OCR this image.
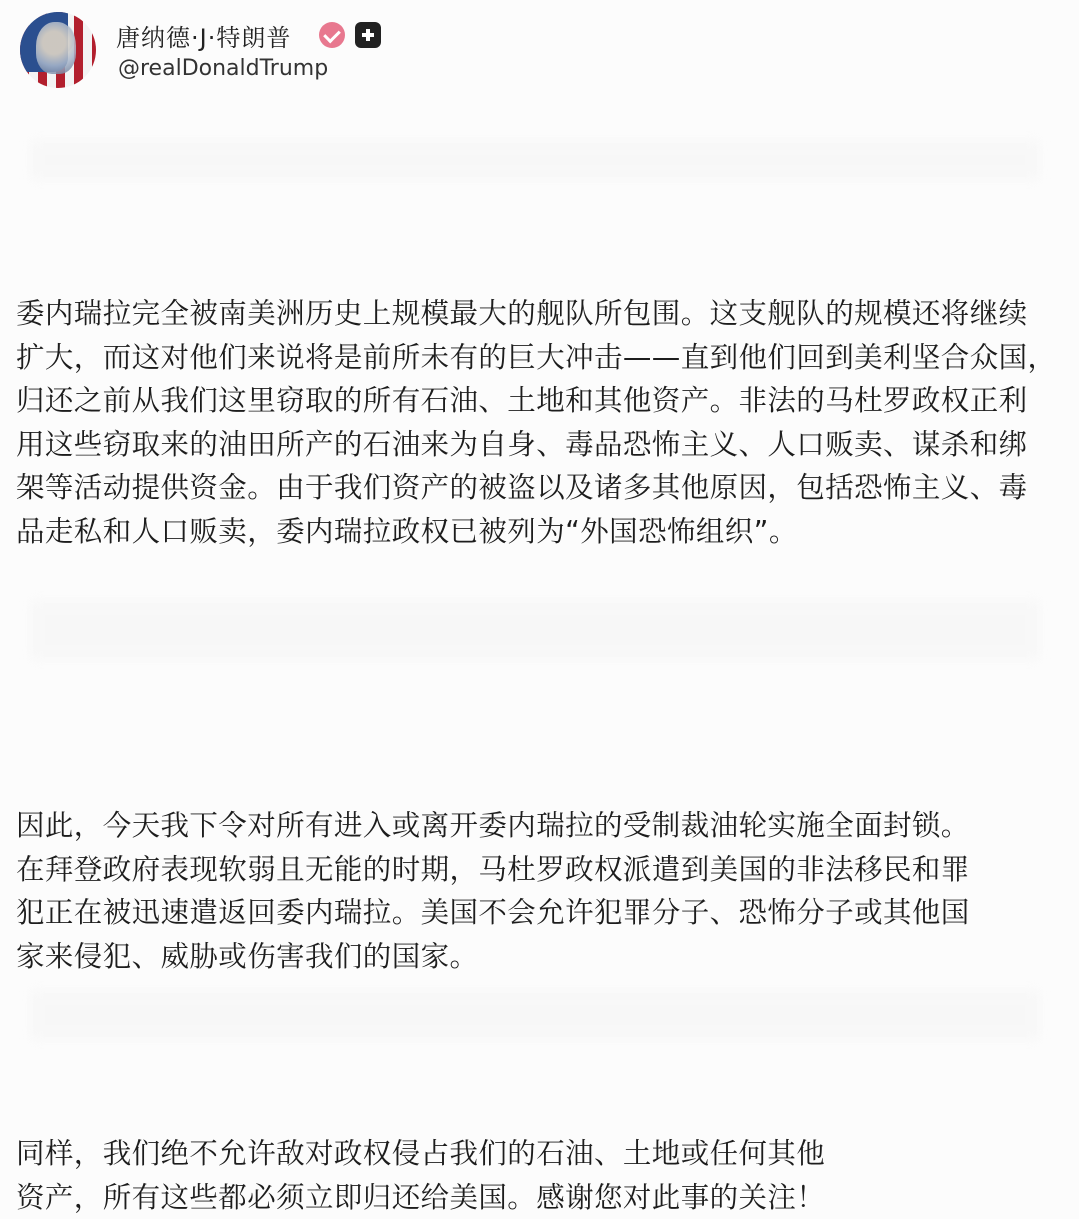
唐纳德·J·特朗普
@realDonaldTrump

委内瑞拉完全被南美洲历史上规模最大的舰队所包围。这支舰队的规模还将继续
扩大，而这对他们来说将是前所未有的巨大冲击——直到他们回到美利坚合众国，
归还之前从我们这里窃取的所有石油、土地和其他资产。非法的马杜罗政权正利
用这些窃取来的油田所产的石油来为自身、毒品恐怖主义、人口贩卖、谋杀和绑
架等活动提供资金。由于我们资产的被盗以及诸多其他原因，包括恐怖主义、毒
品走私和人口贩卖，委内瑞拉政权已被列为“外国恐怖组织”。

因此，今天我下令对所有进入或离开委内瑞拉的受制裁油轮实施全面封锁。
在拜登政府表现软弱且无能的时期，马杜罗政权派遣到美国的非法移民和罪
犯正在被迅速遣返回委内瑞拉。美国不会允许犯罪分子、恐怖分子或其他国
家来侵犯、威胁或伤害我们的国家。

同样，我们绝不允许敌对政权侵占我们的石油、土地或任何其他
资产，所有这些都必须立即归还给美国。感谢您对此事的关注！
